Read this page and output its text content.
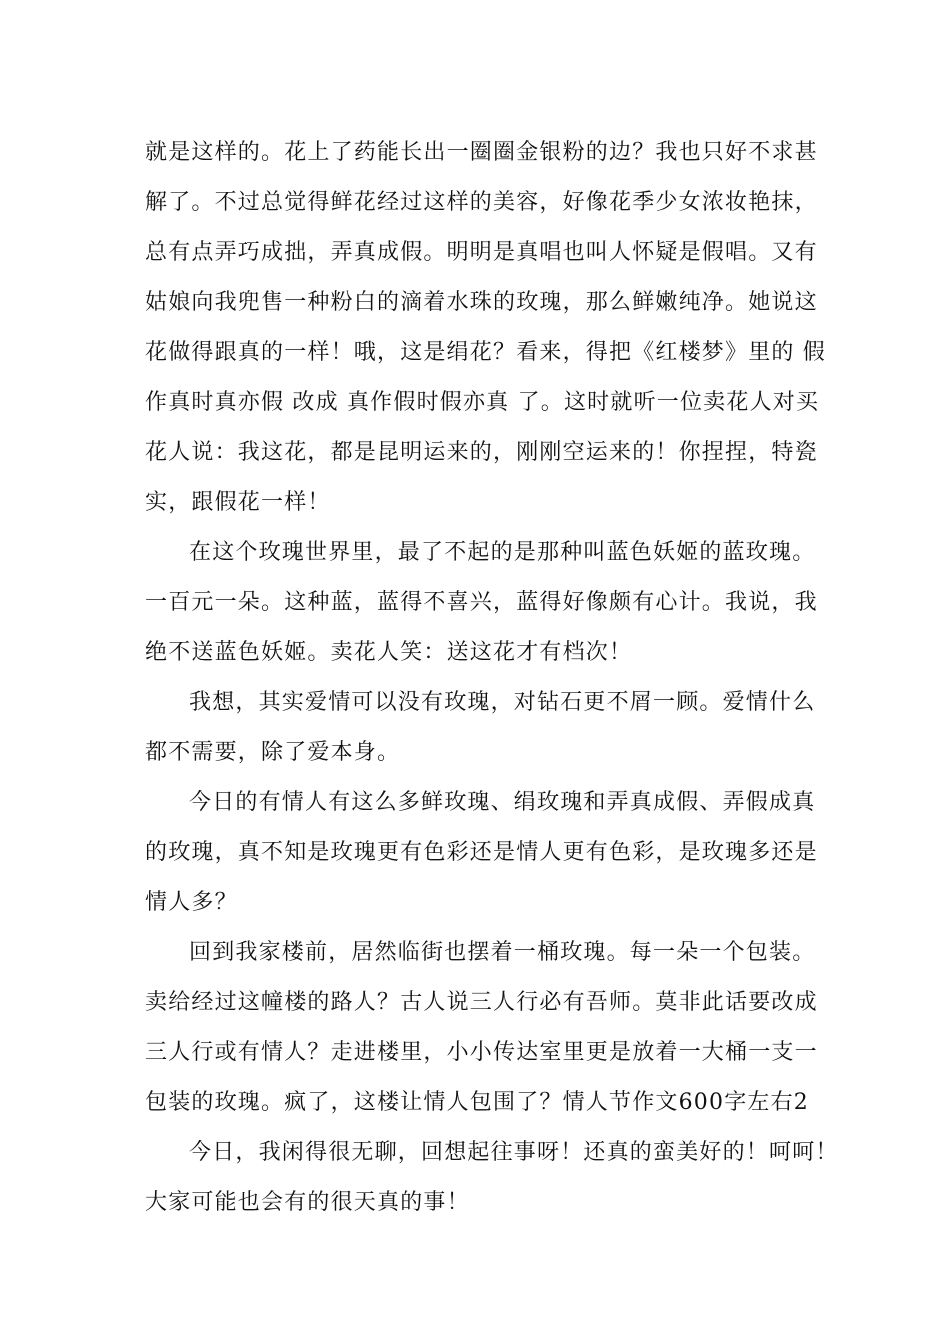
就是这样的。花上了药能长出一圈圈金银粉的边？我也只好不求甚
解了。不过总觉得鲜花经过这样的美容，好像花季少女浓妆艳抹，
总有点弄巧成拙，弄真成假。明明是真唱也叫人怀疑是假唱。又有
姑娘向我兜售一种粉白的滴着水珠的玫瑰，那么鲜嫩纯净。她说这
花做得跟真的一样！哦，这是绢花？看来，得把《红楼梦》里的 假
作真时真亦假 改成 真作假时假亦真 了。这时就听一位卖花人对买
花人说：我这花，都是昆明运来的，刚刚空运来的！你捏捏，特瓷
实，跟假花一样！
在这个玫瑰世界里，最了不起的是那种叫蓝色妖姬的蓝玫瑰。
一百元一朵。这种蓝，蓝得不喜兴，蓝得好像颇有心计。我说，我
绝不送蓝色妖姬。卖花人笑：送这花才有档次！
我想，其实爱情可以没有玫瑰，对钻石更不屑一顾。爱情什么
都不需要，除了爱本身。
今日的有情人有这么多鲜玫瑰、绢玫瑰和弄真成假、弄假成真
的玫瑰，真不知是玫瑰更有色彩还是情人更有色彩，是玫瑰多还是
情人多？
回到我家楼前，居然临街也摆着一桶玫瑰。每一朵一个包装。
卖给经过这幢楼的路人？古人说三人行必有吾师。莫非此话要改成
三人行或有情人？走进楼里，小小传达室里更是放着一大桶一支一
包装的玫瑰。疯了，这楼让情人包围了？情人节作文600字左右2
今日，我闲得很无聊，回想起往事呀！还真的蛮美好的！呵呵！
大家可能也会有的很天真的事！
